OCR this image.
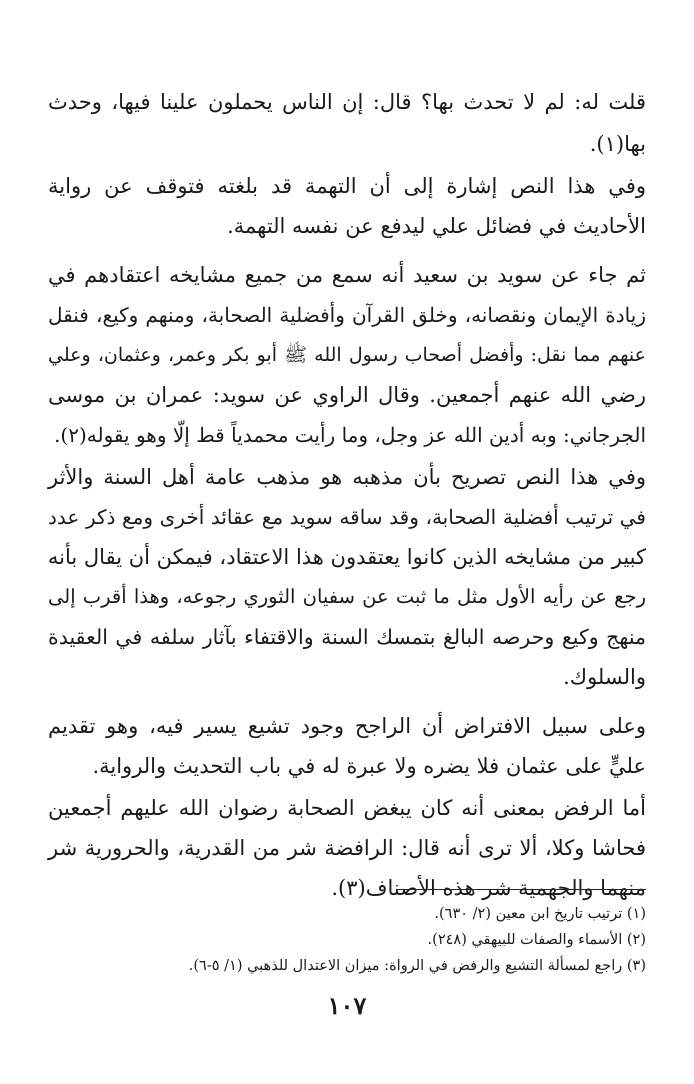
قلت له: لم لا تحدث بها؟ قال: إن الناس يحملون علينا فيها، وحدث
بها(١).
وفي هذا النص إشارة إلى أن التهمة قد بلغته فتوقف عن رواية
الأحاديث في فضائل علي ليدفع عن نفسه التهمة.
ثم جاء عن سويد بن سعيد أنه سمع من جميع مشايخه اعتقادهم في
زيادة الإيمان ونقصانه، وخلق القرآن وأفضلية الصحابة، ومنهم وكيع، فنقل
عنهم مما نقل: وأفضل أصحاب رسول الله ﷺ أبو بكر وعمر، وعثمان، وعلي
رضي الله عنهم أجمعين. وقال الراوي عن سويد: عمران بن موسى
الجرجاني: وبه أدين الله عز وجل، وما رأيت محمدياً قط إلّا وهو يقوله(٢).
وفي هذا النص تصريح بأن مذهبه هو مذهب عامة أهل السنة والأثر
في ترتيب أفضلية الصحابة، وقد ساقه سويد مع عقائد أخرى ومع ذكر عدد
كبير من مشايخه الذين كانوا يعتقدون هذا الاعتقاد، فيمكن أن يقال بأنه
رجع عن رأيه الأول مثل ما ثبت عن سفيان الثوري رجوعه، وهذا أقرب إلى
منهج وكيع وحرصه البالغ بتمسك السنة والاقتفاء بآثار سلفه في العقيدة
والسلوك.
وعلى سبيل الافتراض أن الراجح وجود تشيع يسير فيه، وهو تقديم
عليٍّ على عثمان فلا يضره ولا عبرة له في باب التحديث والرواية.
أما الرفض بمعنى أنه كان يبغض الصحابة رضوان الله عليهم أجمعين
فحاشا وكلا، ألا ترى أنه قال: الرافضة شر من القدرية، والحرورية شر
منهما والجهمية شر هذه الأصناف(٣).
(١) ترتيب تاريخ ابن معين (٢/ ٦٣٠).
(٢) الأسماء والصفات للبيهقي (٢٤٨).
(٣) راجع لمسألة التشيع والرفض في الرواة: ميزان الاعتدال للذهبي (١/ ٥-٦).
١٠٧
